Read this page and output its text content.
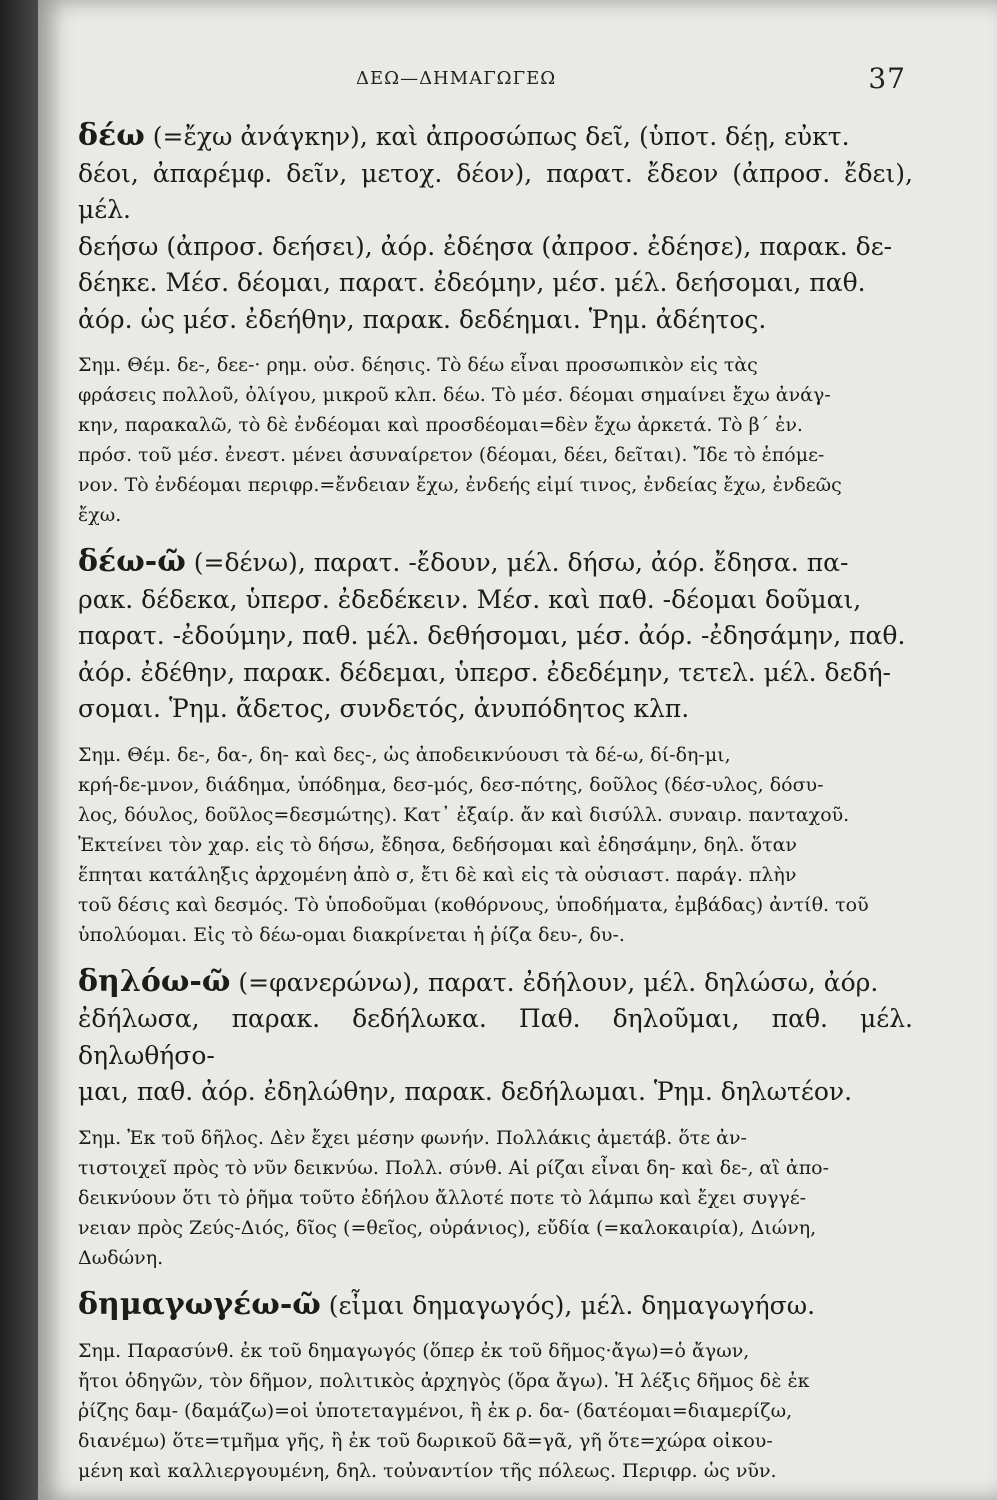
ΔΕΩ—ΔΗΜΑΓΩΓΕΩ	37

δέω (=ἔχω ἀνάγκην), καὶ ἀπροσώπως δεῖ, (ὑποτ. δέῃ, εὐκτ.

δέοι, ἀπαρέμφ. δεῖν, μετοχ. δέον), παρατ. ἔδεον (ἀπροσ. ἔδει), μέλ.

δεήσω (ἀπροσ. δεήσει), ἀόρ. ἐδέησα (ἀπροσ. ἐδέησε), παρακ. δε-

δέηκε. Μέσ. δέομαι, παρατ. ἐδεόμην, μέσ. μέλ. δεήσομαι, παθ.

ἀόρ. ὡς μέσ. ἐδεήθην, παρακ. δεδέημαι. Ῥημ. ἀδέητος.

Σημ. Θέμ. δε-, δεε-· ρημ. οὐσ. δέησις. Τὸ δέω εἶναι προσωπικὸν εἰς τὰς

φράσεις πολλοῦ, ὀλίγου, μικροῦ κλπ. δέω. Τὸ μέσ. δέομαι σημαίνει ἔχω ἀνάγ-

κην, παρακαλῶ, τὸ δὲ ἐνδέομαι καὶ προσδέομαι=δὲν ἔχω ἀρκετά. Τὸ β΄ ἑν.

πρόσ. τοῦ μέσ. ἐνεστ. μένει ἀσυναίρετον (δέομαι, δέει, δεῖται). Ἴδε τὸ ἑπόμε-

νον. Τὸ ἐνδέομαι περιφρ.=ἔνδειαν ἔχω, ἐνδεής εἰμί τινος, ἐνδείας ἔχω, ἐνδεῶς

ἔχω.

δέω-ῶ (=δένω), παρατ. -ἔδουν, μέλ. δήσω, ἀόρ. ἔδησα. πα-

ρακ. δέδεκα, ὑπερσ. ἐδεδέκειν. Μέσ. καὶ παθ. -δέομαι δοῦμαι,

παρατ. -ἐδούμην, παθ. μέλ. δεθήσομαι, μέσ. ἀόρ. -ἐδησάμην, παθ.

ἀόρ. ἐδέθην, παρακ. δέδεμαι, ὑπερσ. ἐδεδέμην, τετελ. μέλ. δεδή-

σομαι. Ῥημ. ἄδετος, συνδετός, ἀνυπόδητος κλπ.

Σημ. Θέμ. δε-, δα-, δη- καὶ δες-, ὡς ἀποδεικνύουσι τὰ δέ-ω, δί-δη-μι,

κρή-δε-μνον, διάδημα, ὑπόδημα, δεσ-μός, δεσ-πότης, δοῦλος (δέσ-υλος, δόσυ-

λος, δόυλος, δοῦλος=δεσμώτης). Κατ᾽ ἐξαίρ. ἄν καὶ δισύλλ. συναιρ. πανταχοῦ.

Ἐκτείνει τὸν χαρ. εἰς τὸ δήσω, ἔδησα, δεδήσομαι καὶ ἐδησάμην, δηλ. ὅταν

ἕπηται κατάληξις ἀρχομένη ἀπὸ σ, ἔτι δὲ καὶ εἰς τὰ οὐσιαστ. παράγ. πλὴν

τοῦ δέσις καὶ δεσμός. Τὸ ὑποδοῦμαι (κοθόρνους, ὑποδήματα, ἐμβάδας) ἀντίθ. τοῦ

ὑπολύομαι. Εἰς τὸ δέω-ομαι διακρίνεται ἡ ῥίζα δευ-, δυ-.

δηλόω-ῶ (=φανερώνω), παρατ. ἐδήλουν, μέλ. δηλώσω, ἀόρ.

ἐδήλωσα, παρακ. δεδήλωκα. Παθ. δηλοῦμαι, παθ. μέλ. δηλωθήσο-

μαι, παθ. ἀόρ. ἐδηλώθην, παρακ. δεδήλωμαι. Ῥημ. δηλωτέον.

Σημ. Ἐκ τοῦ δῆλος. Δὲν ἔχει μέσην φωνήν. Πολλάκις ἀμετάβ. ὅτε ἀν-

τιστοιχεῖ πρὸς τὸ νῦν δεικνύω. Πολλ. σύνθ. Αἱ ρίζαι εἶναι δη- καὶ δε-, αἳ ἀπο-

δεικνύουν ὅτι τὸ ῥῆμα τοῦτο ἐδήλου ἄλλοτέ ποτε τὸ λάμπω καὶ ἔχει συγγέ-

νειαν πρὸς Ζεύς-Διός, δῖος (=θεῖος, οὐράνιος), εὔδία (=καλοκαιρία), Διώνη,

Δωδώνη.

δημαγωγέω-ῶ (εἶμαι δημαγωγός), μέλ. δημαγωγήσω.

Σημ. Παρασύνθ. ἐκ τοῦ δημαγωγός (ὅπερ ἐκ τοῦ δῆμος·ἄγω)=ὁ ἄγων,

ἤτοι ὁδηγῶν, τὸν δῆμον, πολιτικὸς ἀρχηγὸς (ὅρα ἄγω). Ἡ λέξις δῆμος δὲ ἐκ

ῥίζης δαμ- (δαμάζω)=οἱ ὑποτεταγμένοι, ἢ ἐκ ρ. δα- (δατέομαι=διαμερίζω,

διανέμω) ὅτε=τμῆμα γῆς, ἢ ἐκ τοῦ δωρικοῦ δᾶ=γᾶ, γῆ ὅτε=χώρα οἰκου-

μένη καὶ καλλιεργουμένη, δηλ. τοὐναντίον τῆς πόλεως. Περιφρ. ὡς νῦν.
